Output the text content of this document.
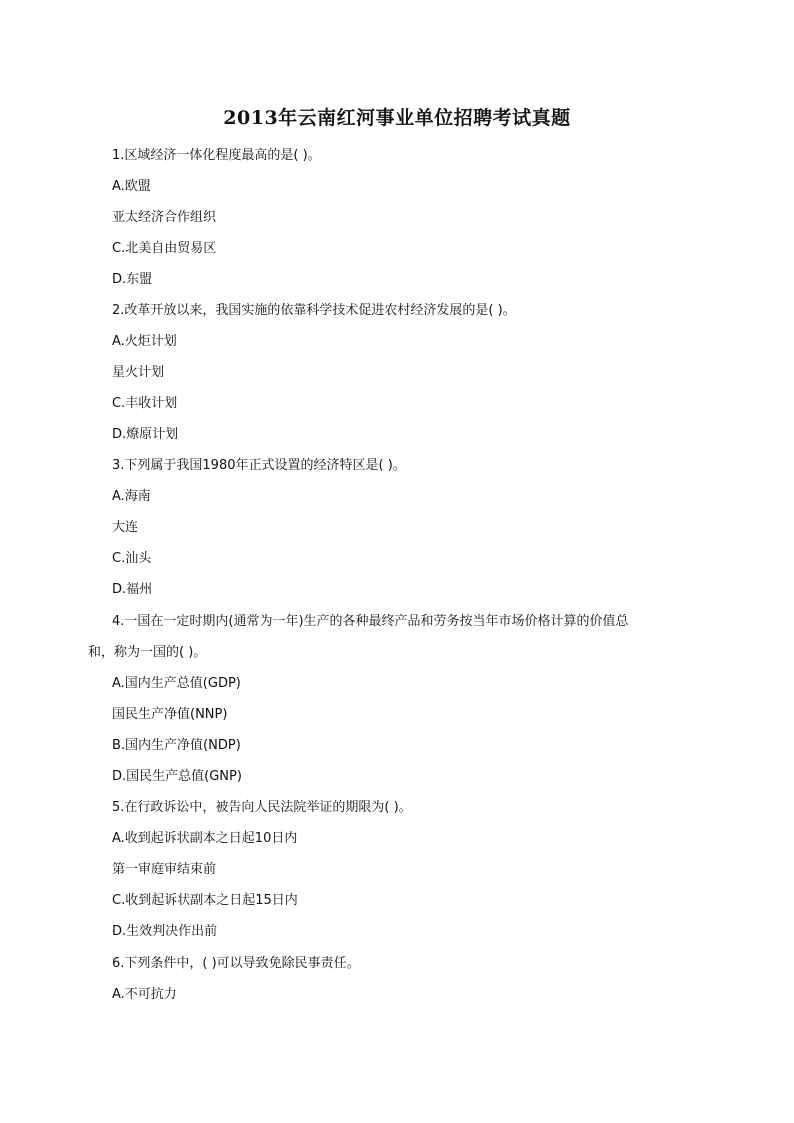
2013年云南红河事业单位招聘考试真题
1.区域经济一体化程度最高的是( )。
A.欧盟
亚太经济合作组织
C.北美自由贸易区
D.东盟
2.改革开放以来，我国实施的依靠科学技术促进农村经济发展的是( )。
A.火炬计划
星火计划
C.丰收计划
D.燎原计划
3.下列属于我国1980年正式设置的经济特区是( )。
A.海南
大连
C.汕头
D.福州
4.一国在一定时期内(通常为一年)生产的各种最终产品和劳务按当年市场价格计算的价值总
和，称为一国的( )。
A.国内生产总值(GDP)
国民生产净值(NNP)
B.国内生产净值(NDP)
D.国民生产总值(GNP)
5.在行政诉讼中，被告向人民法院举证的期限为( )。
A.收到起诉状副本之日起10日内
第一审庭审结束前
C.收到起诉状副本之日起15日内
D.生效判决作出前
6.下列条件中，( )可以导致免除民事责任。
A.不可抗力
